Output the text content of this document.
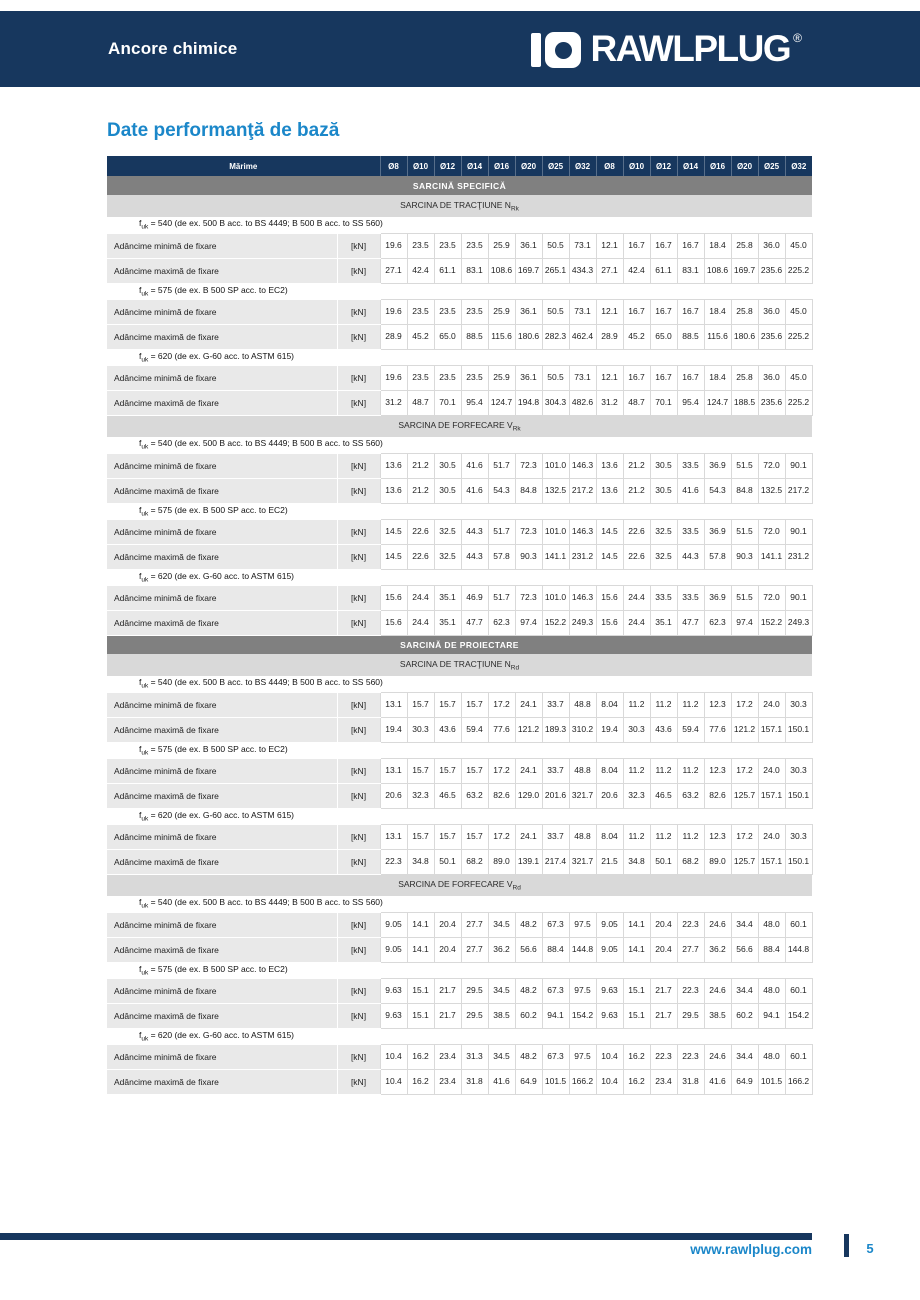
Ancore chimice	RAWLPLUG ®
Date performanţă de bază
Mărime		Ø8	Ø10	Ø12	Ø14	Ø16	Ø20	Ø25	Ø32	Ø8	Ø10	Ø12	Ø14	Ø16	Ø20	Ø25	Ø32
SARCINĂ SPECIFICĂ																	
SARCINA DE TRACŢIUNE $N_{Rk}$
$f_{uk} = 540$ (de ex. 500 B acc. to BS 4449; B 500 B acc. to SS 560)																	
Adâncime minimă de fixare	[kN]	19.6	23.5	23.5	23.5	25.9	36.1	50.5	73.1	12.1	16.7	16.7	16.7	18.4	25.8	36.0	45.0
Adâncime maximă de fixare	[kN]	27.1	42.4	61.1	83.1	108.6	169.7	265.1	434.3	27.1	42.4	61.1	83.1	108.6	169.7	235.6	225.2
$f_{uk} = 575$ (de ex. B 500 SP acc. to EC2)																	
Adâncime minimă de fixare	[kN]	19.6	23.5	23.5	23.5	25.9	36.1	50.5	73.1	12.1	16.7	16.7	16.7	18.4	25.8	36.0	45.0
Adâncime maximă de fixare	[kN]	28.9	45.2	65.0	88.5	115.6	180.6	282.3	462.4	28.9	45.2	65.0	88.5	115.6	180.6	235.6	225.2
$f_{uk} = 620$ (de ex. G-60 acc. to ASTM 615)																	
Adâncime minimă de fixare	[kN]	19.6	23.5	23.5	23.5	25.9	36.1	50.5	73.1	12.1	16.7	16.7	16.7	18.4	25.8	36.0	45.0
Adâncime maximă de fixare	[kN]	31.2	48.7	70.1	95.4	124.7	194.8	304.3	482.6	31.2	48.7	70.1	95.4	124.7	188.5	235.6	225.2
SARCINA DE FORFECARE $V_{Rk}$
$f_{uk} = 540$ (de ex. 500 B acc. to BS 4449; B 500 B acc. to SS 560)																	
Adâncime minimă de fixare	[kN]	13.6	21.2	30.5	41.6	51.7	72.3	101.0	146.3	13.6	21.2	30.5	33.5	36.9	51.5	72.0	90.1
Adâncime maximă de fixare	[kN]	13.6	21.2	30.5	41.6	54.3	84.8	132.5	217.2	13.6	21.2	30.5	41.6	54.3	84.8	132.5	217.2
$f_{uk} = 575$ (de ex. B 500 SP acc. to EC2)																	
Adâncime minimă de fixare	[kN]	14.5	22.6	32.5	44.3	51.7	72.3	101.0	146.3	14.5	22.6	32.5	33.5	36.9	51.5	72.0	90.1
Adâncime maximă de fixare	[kN]	14.5	22.6	32.5	44.3	57.8	90.3	141.1	231.2	14.5	22.6	32.5	44.3	57.8	90.3	141.1	231.2
$f_{uk} = 620$ (de ex. G-60 acc. to ASTM 615)																	
Adâncime minimă de fixare	[kN]	15.6	24.4	35.1	46.9	51.7	72.3	101.0	146.3	15.6	24.4	33.5	33.5	36.9	51.5	72.0	90.1
Adâncime maximă de fixare	[kN]	15.6	24.4	35.1	47.7	62.3	97.4	152.2	249.3	15.6	24.4	35.1	47.7	62.3	97.4	152.2	249.3
SARCINĂ DE PROIECTARE																	
SARCINA DE TRACŢIUNE $N_{Rd}$
$f_{uk} = 540$ (de ex. 500 B acc. to BS 4449; B 500 B acc. to SS 560)																	
Adâncime minimă de fixare	[kN]	13.1	15.7	15.7	15.7	17.2	24.1	33.7	48.8	8.04	11.2	11.2	11.2	12.3	17.2	24.0	30.3
Adâncime maximă de fixare	[kN]	19.4	30.3	43.6	59.4	77.6	121.2	189.3	310.2	19.4	30.3	43.6	59.4	77.6	121.2	157.1	150.1
$f_{uk} = 575$ (de ex. B 500 SP acc. to EC2)																	
Adâncime minimă de fixare	[kN]	13.1	15.7	15.7	15.7	17.2	24.1	33.7	48.8	8.04	11.2	11.2	11.2	12.3	17.2	24.0	30.3
Adâncime maximă de fixare	[kN]	20.6	32.3	46.5	63.2	82.6	129.0	201.6	321.7	20.6	32.3	46.5	63.2	82.6	125.7	157.1	150.1
$f_{uk} = 620$ (de ex. G-60 acc. to ASTM 615)																	
Adâncime minimă de fixare	[kN]	13.1	15.7	15.7	15.7	17.2	24.1	33.7	48.8	8.04	11.2	11.2	11.2	12.3	17.2	24.0	30.3
Adâncime maximă de fixare	[kN]	22.3	34.8	50.1	68.2	89.0	139.1	217.4	321.7	21.5	34.8	50.1	68.2	89.0	125.7	157.1	150.1
SARCINA DE FORFECARE $V_{Rd}$
$f_{uk} = 540$ (de ex. 500 B acc. to BS 4449; B 500 B acc. to SS 560)																	
Adâncime minimă de fixare	[kN]	9.05	14.1	20.4	27.7	34.5	48.2	67.3	97.5	9.05	14.1	20.4	22.3	24.6	34.4	48.0	60.1
Adâncime maximă de fixare	[kN]	9.05	14.1	20.4	27.7	36.2	56.6	88.4	144.8	9.05	14.1	20.4	27.7	36.2	56.6	88.4	144.8
$f_{uk} = 575$ (de ex. B 500 SP acc. to EC2)																	
Adâncime minimă de fixare	[kN]	9.63	15.1	21.7	29.5	34.5	48.2	67.3	97.5	9.63	15.1	21.7	22.3	24.6	34.4	48.0	60.1
Adâncime maximă de fixare	[kN]	9.63	15.1	21.7	29.5	38.5	60.2	94.1	154.2	9.63	15.1	21.7	29.5	38.5	60.2	94.1	154.2
$f_{uk} = 620$ (de ex. G-60 acc. to ASTM 615)																	
Adâncime minimă de fixare	[kN]	10.4	16.2	23.4	31.3	34.5	48.2	67.3	97.5	10.4	16.2	22.3	22.3	24.6	34.4	48.0	60.1
Adâncime maximă de fixare	[kN]	10.4	16.2	23.4	31.8	41.6	64.9	101.5	166.2	10.4	16.2	23.4	31.8	41.6	64.9	101.5	166.2
www.rawlplug.com	5
